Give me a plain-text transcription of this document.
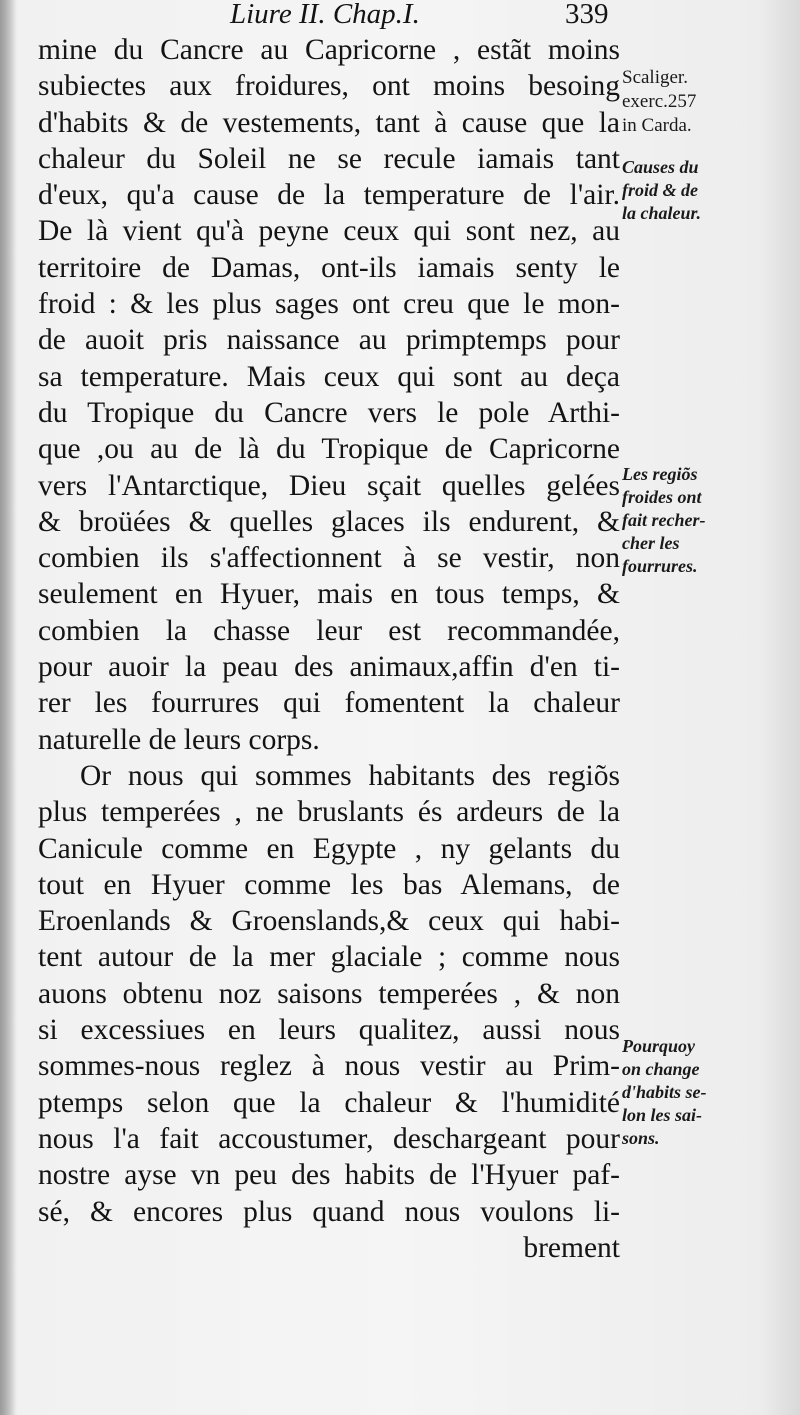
Liure II. Chap.I.	339
mine du Cancre au Capricorne , estãt moins
subiectes aux froidures, ont moins besoing
d'habits & de vestements, tant à cause que la
chaleur du Soleil ne se recule iamais tant
d'eux, qu'a cause de la temperature de l'air.
De là vient qu'à peyne ceux qui sont nez, au
territoire de Damas, ont-ils iamais senty le
froid : & les plus sages ont creu que le mon-
de auoit pris naissance au primptemps pour
sa temperature. Mais ceux qui sont au deça
du Tropique du Cancre vers le pole Arthi-
que ,ou au de là du Tropique de Capricorne
vers l'Antarctique, Dieu sçait quelles gelées
& broüées & quelles glaces ils endurent, &
combien ils s'affectionnent à se vestir, non
seulement en Hyuer, mais en tous temps, &
combien la chasse leur est recommandée,
pour auoir la peau des animaux,affin d'en ti-
rer les fourrures qui fomentent la chaleur
naturelle de leurs corps.
Or nous qui sommes habitants des regiõs
plus temperées , ne bruslants és ardeurs de la
Canicule comme en Egypte , ny gelants du
tout en Hyuer comme les bas Alemans, de
Eroenlands & Groenslands,& ceux qui habi-
tent autour de la mer glaciale ; comme nous
auons obtenu noz saisons temperées , & non
si excessiues en leurs qualitez, aussi nous
sommes-nous reglez à nous vestir au Prim-
ptemps selon que la chaleur & l'humidité
nous l'a fait accoustumer, deschargeant pour
nostre ayse vn peu des habits de l'Hyuer paf-
sé, & encores plus quand nous voulons li-
brement
Scaliger.
exerc.257
in Carda.
Causes du
froid & de
la chaleur.
Les regiõs
froides ont
fait recher-
cher les
fourrures.
Pourquoy
on change
d'habits se-
lon les sai-
sons.
